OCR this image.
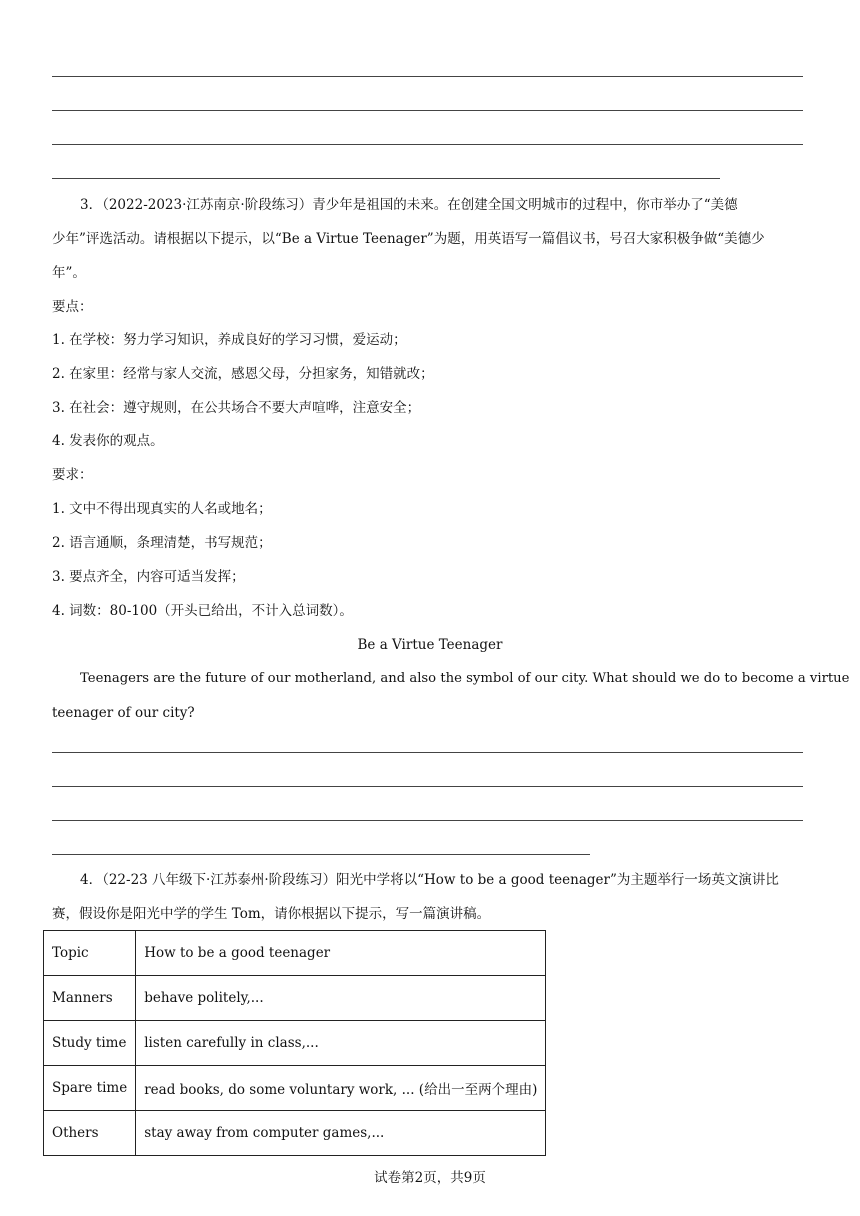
3．（2022-2023·江苏南京·阶段练习）青少年是祖国的未来。在创建全国文明城市的过程中，你市举办了“美德
少年”评选活动。请根据以下提示，以“Be a Virtue Teenager”为题，用英语写一篇倡议书，号召大家积极争做“美德少
年”。
要点：
1. 在学校：努力学习知识，养成良好的学习习惯，爱运动；
2. 在家里：经常与家人交流，感恩父母，分担家务，知错就改；
3. 在社会：遵守规则，在公共场合不要大声喧哗，注意安全；
4. 发表你的观点。
要求：
1. 文中不得出现真实的人名或地名；
2. 语言通顺，条理清楚，书写规范；
3. 要点齐全，内容可适当发挥；
4. 词数：80-100（开头已给出，不计入总词数）。
Be a Virtue Teenager
Teenagers are the future of our motherland, and also the symbol of our city. What should we do to become a virtue
teenager of our city?
4．（22-23 八年级下·江苏泰州·阶段练习）阳光中学将以“How to be a good teenager”为主题举行一场英文演讲比
赛，假设你是阳光中学的学生 Tom，请你根据以下提示，写一篇演讲稿。
Topic	How to be a good teenager
Manners	behave politely,...
Study time	listen carefully in class,...
Spare time	read books, do some voluntary work, ... (给出一至两个理由)
Others	stay away from computer games,...
试卷第2页，共9页
